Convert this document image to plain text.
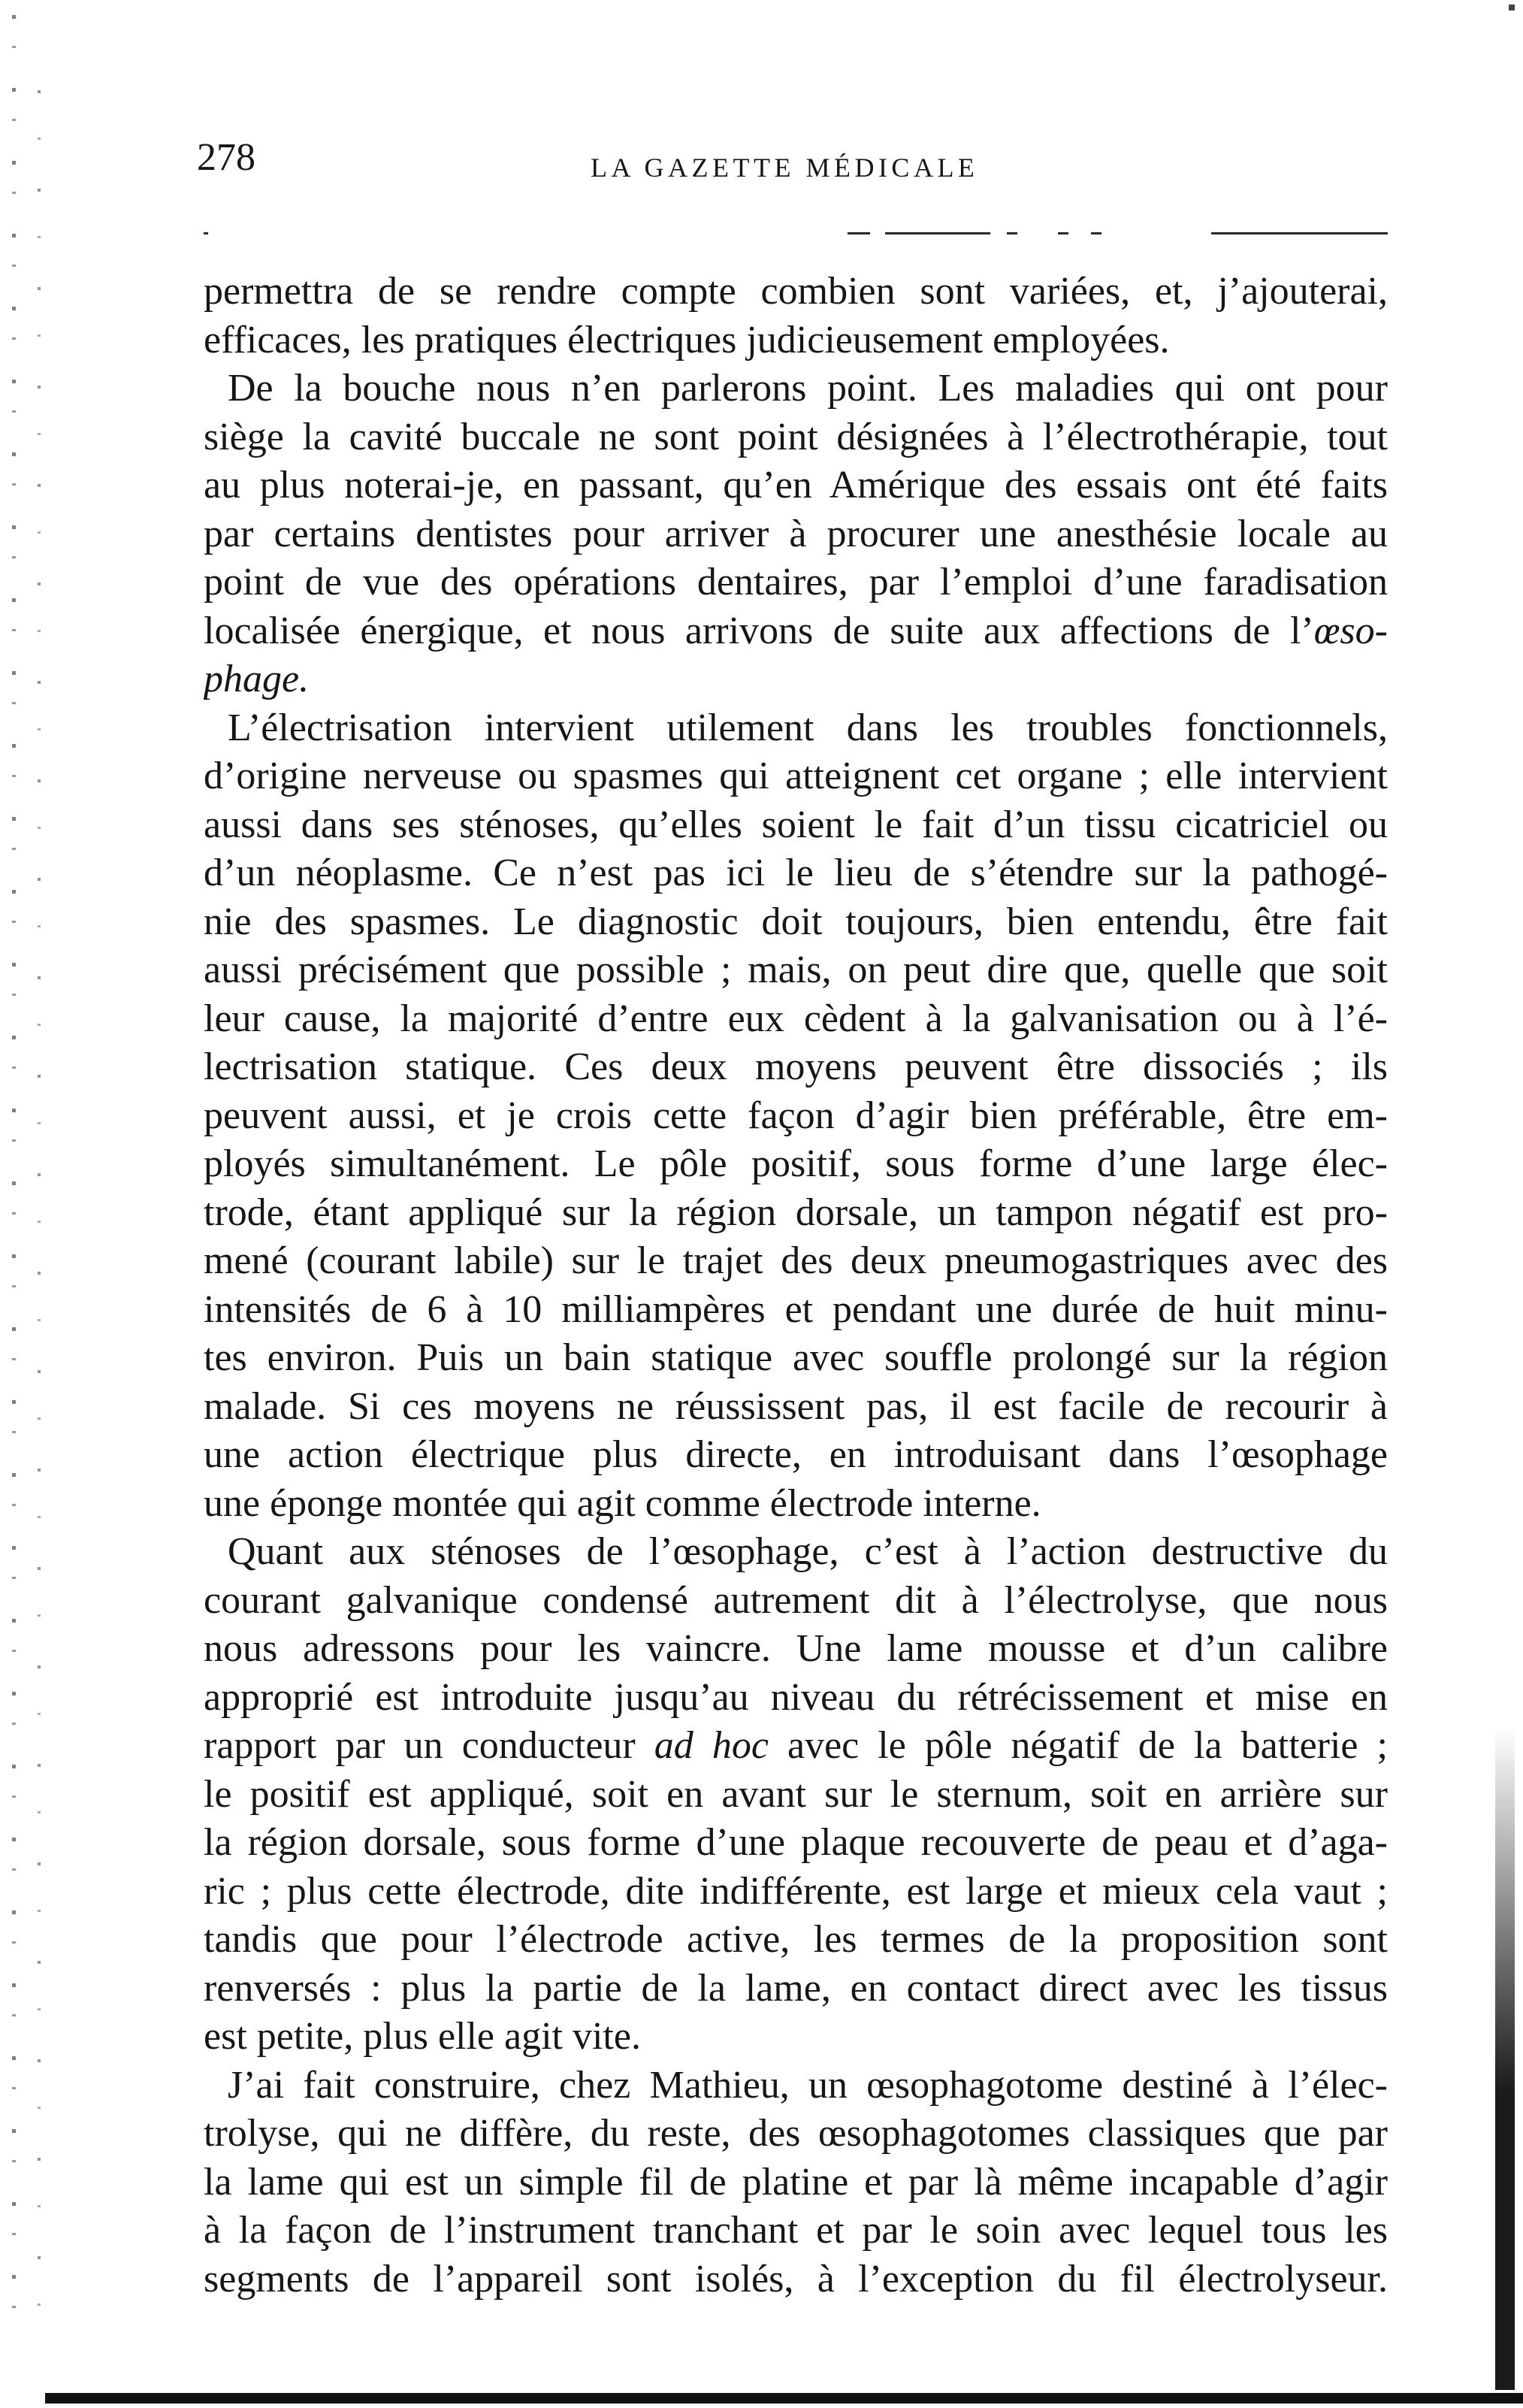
278	LA GAZETTE MÉDICALE
permettra de se rendre compte combien sont variées, et, j’ajouterai,
efficaces, les pratiques électriques judicieusement employées.
De la bouche nous n’en parlerons point. Les maladies qui ont pour
siège la cavité buccale ne sont point désignées à l’électrothérapie, tout
au plus noterai-je, en passant, qu’en Amérique des essais ont été faits
par certains dentistes pour arriver à procurer une anesthésie locale au
point de vue des opérations dentaires, par l’emploi d’une faradisation
localisée énergique, et nous arrivons de suite aux affections de l’œso-
phage.
L’électrisation intervient utilement dans les troubles fonctionnels,
d’origine nerveuse ou spasmes qui atteignent cet organe ; elle intervient
aussi dans ses sténoses, qu’elles soient le fait d’un tissu cicatriciel ou
d’un néoplasme. Ce n’est pas ici le lieu de s’étendre sur la pathogé-
nie des spasmes. Le diagnostic doit toujours, bien entendu, être fait
aussi précisément que possible ; mais, on peut dire que, quelle que soit
leur cause, la majorité d’entre eux cèdent à la galvanisation ou à l’é-
lectrisation statique. Ces deux moyens peuvent être dissociés ; ils
peuvent aussi, et je crois cette façon d’agir bien préférable, être em-
ployés simultanément. Le pôle positif, sous forme d’une large élec-
trode, étant appliqué sur la région dorsale, un tampon négatif est pro-
mené (courant labile) sur le trajet des deux pneumogastriques avec des
intensités de 6 à 10 milliampères et pendant une durée de huit minu-
tes environ. Puis un bain statique avec souffle prolongé sur la région
malade. Si ces moyens ne réussissent pas, il est facile de recourir à
une action électrique plus directe, en introduisant dans l’œsophage
une éponge montée qui agit comme électrode interne.
Quant aux sténoses de l’œsophage, c’est à l’action destructive du
courant galvanique condensé autrement dit à l’électrolyse, que nous
nous adressons pour les vaincre. Une lame mousse et d’un calibre
approprié est introduite jusqu’au niveau du rétrécissement et mise en
rapport par un conducteur ad hoc avec le pôle négatif de la batterie ;
le positif est appliqué, soit en avant sur le sternum, soit en arrière sur
la région dorsale, sous forme d’une plaque recouverte de peau et d’aga-
ric ; plus cette électrode, dite indifférente, est large et mieux cela vaut ;
tandis que pour l’électrode active, les termes de la proposition sont
renversés : plus la partie de la lame, en contact direct avec les tissus
est petite, plus elle agit vite.
J’ai fait construire, chez Mathieu, un œsophagotome destiné à l’élec-
trolyse, qui ne diffère, du reste, des œsophagotomes classiques que par
la lame qui est un simple fil de platine et par là même incapable d’agir
à la façon de l’instrument tranchant et par le soin avec lequel tous les
segments de l’appareil sont isolés, à l’exception du fil électrolyseur.
